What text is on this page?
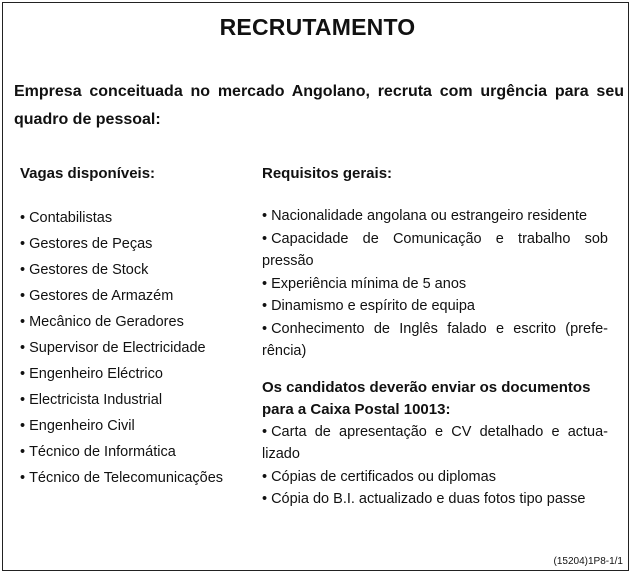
RECRUTAMENTO
Empresa conceituada no mercado Angolano, recruta com urgência para seu quadro de pessoal:
Vagas disponíveis:
• Contabilistas
• Gestores de Peças
• Gestores de Stock
• Gestores de Armazém
• Mecânico de Geradores
• Supervisor de Electricidade
• Engenheiro Eléctrico
• Electricista Industrial
• Engenheiro Civil
• Técnico de Informática
• Técnico de Telecomunicações
Requisitos gerais:
• Nacionalidade angolana ou estrangeiro residente
• Capacidade de Comunicação e trabalho sob pressão
• Experiência mínima de 5 anos
• Dinamismo e espírito de equipa
• Conhecimento de Inglês falado e escrito (prefe-rência)
Os candidatos deverão enviar os documentos para a Caixa Postal 10013:
• Carta de apresentação e CV detalhado e actua-lizado
• Cópias de certificados ou diplomas
• Cópia do B.I. actualizado e duas fotos tipo passe
(15204)1P8-1/1
